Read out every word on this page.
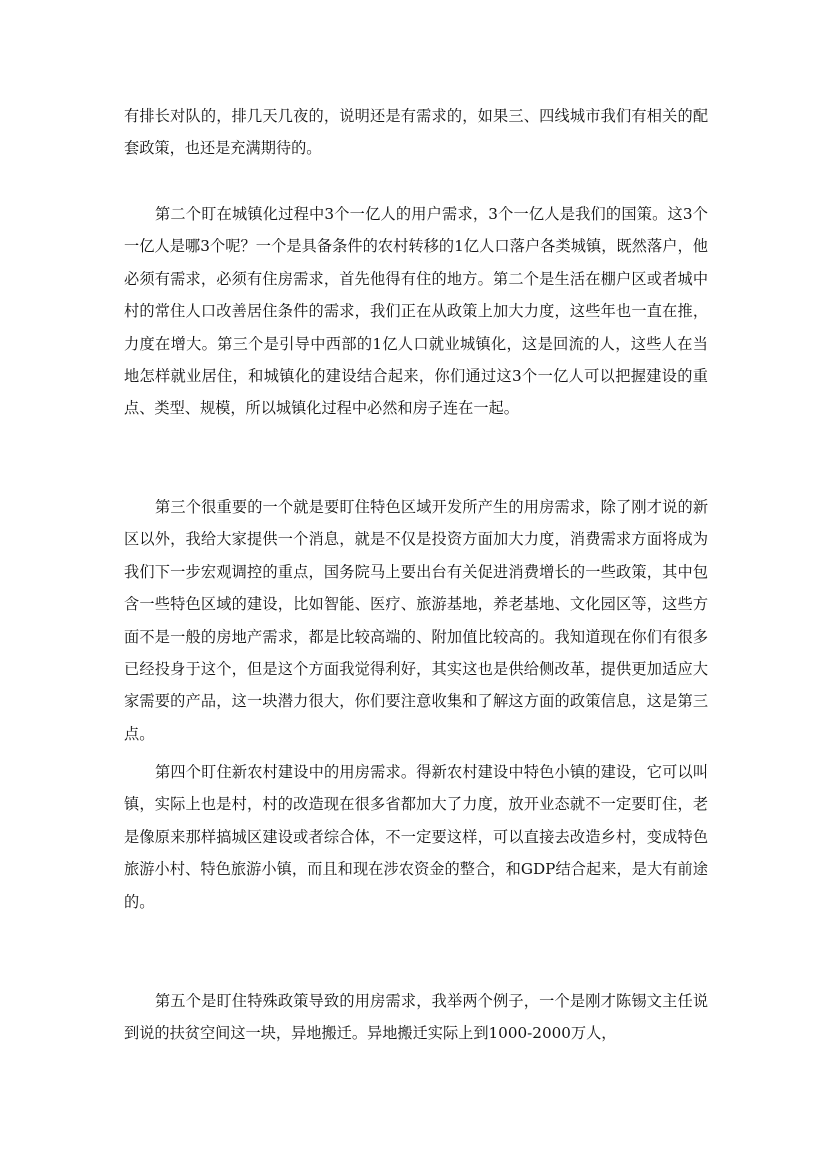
有排长对队的，排几天几夜的，说明还是有需求的，如果三、四线城市我们有相关的配套政策，也还是充满期待的。

第二个盯在城镇化过程中3个一亿人的用户需求，3个一亿人是我们的国策。这3个一亿人是哪3个呢？一个是具备条件的农村转移的1亿人口落户各类城镇，既然落户，他必须有需求，必须有住房需求，首先他得有住的地方。第二个是生活在棚户区或者城中村的常住人口改善居住条件的需求，我们正在从政策上加大力度，这些年也一直在推，力度在增大。第三个是引导中西部的1亿人口就业城镇化，这是回流的人，这些人在当地怎样就业居住，和城镇化的建设结合起来，你们通过这3个一亿人可以把握建设的重点、类型、规模，所以城镇化过程中必然和房子连在一起。

第三个很重要的一个就是要盯住特色区域开发所产生的用房需求，除了刚才说的新区以外，我给大家提供一个消息，就是不仅是投资方面加大力度，消费需求方面将成为我们下一步宏观调控的重点，国务院马上要出台有关促进消费增长的一些政策，其中包含一些特色区域的建设，比如智能、医疗、旅游基地，养老基地、文化园区等，这些方面不是一般的房地产需求，都是比较高端的、附加值比较高的。我知道现在你们有很多已经投身于这个，但是这个方面我觉得利好，其实这也是供给侧改革，提供更加适应大家需要的产品，这一块潜力很大，你们要注意收集和了解这方面的政策信息，这是第三点。

第四个盯住新农村建设中的用房需求。得新农村建设中特色小镇的建设，它可以叫镇，实际上也是村，村的改造现在很多省都加大了力度，放开业态就不一定要盯住，老是像原来那样搞城区建设或者综合体，不一定要这样，可以直接去改造乡村，变成特色旅游小村、特色旅游小镇，而且和现在涉农资金的整合，和GDP结合起来，是大有前途的。

第五个是盯住特殊政策导致的用房需求，我举两个例子，一个是刚才陈锡文主任说到说的扶贫空间这一块，异地搬迁。异地搬迁实际上到1000-2000万人，
